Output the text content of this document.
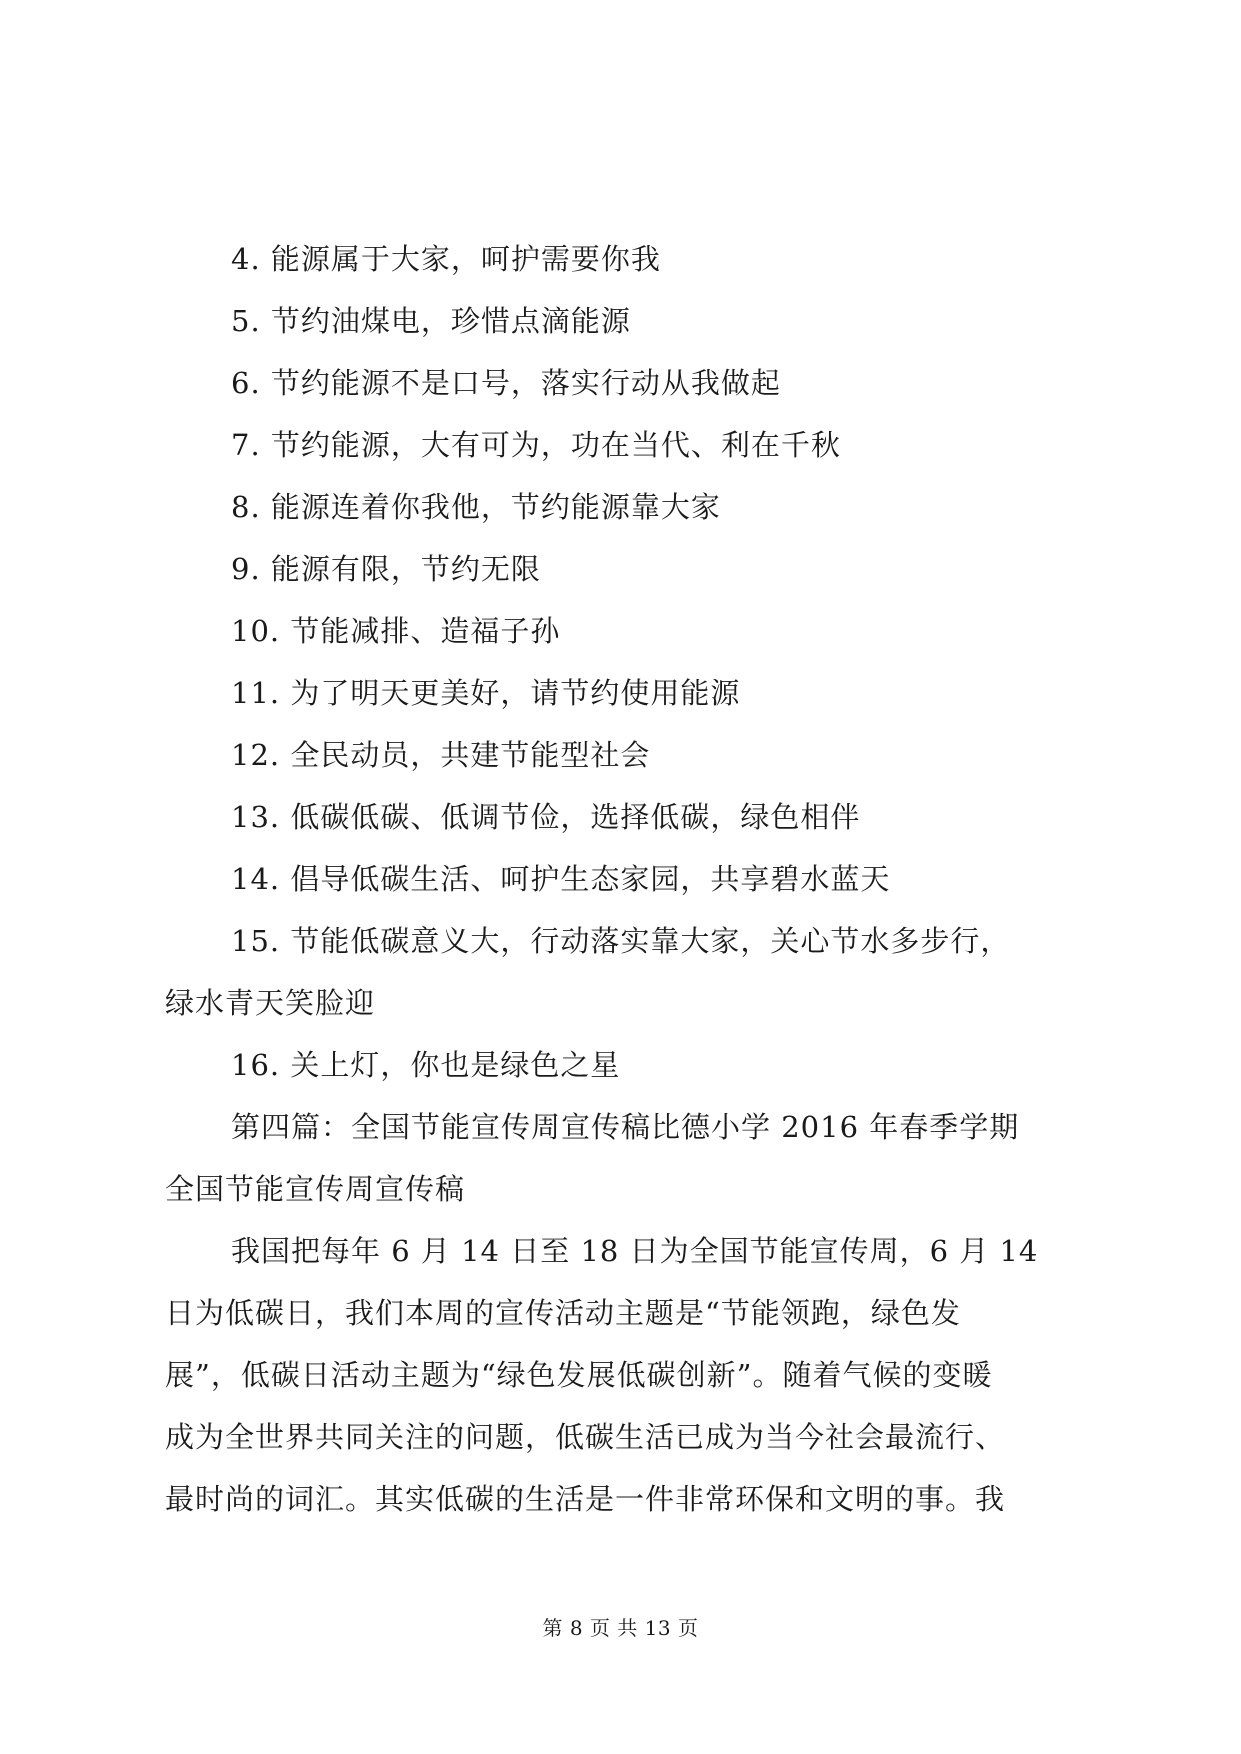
4. 能源属于大家，呵护需要你我
5. 节约油煤电，珍惜点滴能源
6. 节约能源不是口号，落实行动从我做起
7. 节约能源，大有可为，功在当代、利在千秋
8. 能源连着你我他，节约能源靠大家
9. 能源有限，节约无限
10. 节能减排、造福子孙
11. 为了明天更美好，请节约使用能源
12. 全民动员，共建节能型社会
13. 低碳低碳、低调节俭，选择低碳，绿色相伴
14. 倡导低碳生活、呵护生态家园，共享碧水蓝天
15. 节能低碳意义大，行动落实靠大家，关心节水多步行，
绿水青天笑脸迎
16. 关上灯，你也是绿色之星
第四篇：全国节能宣传周宣传稿比德小学 2016 年春季学期
全国节能宣传周宣传稿
我国把每年 6 月 14 日至 18 日为全国节能宣传周，6 月 14
日为低碳日，我们本周的宣传活动主题是“节能领跑，绿色发
展”，低碳日活动主题为“绿色发展低碳创新”。随着气候的变暖
成为全世界共同关注的问题，低碳生活已成为当今社会最流行、
最时尚的词汇。其实低碳的生活是一件非常环保和文明的事。我
第 8 页 共 13 页
